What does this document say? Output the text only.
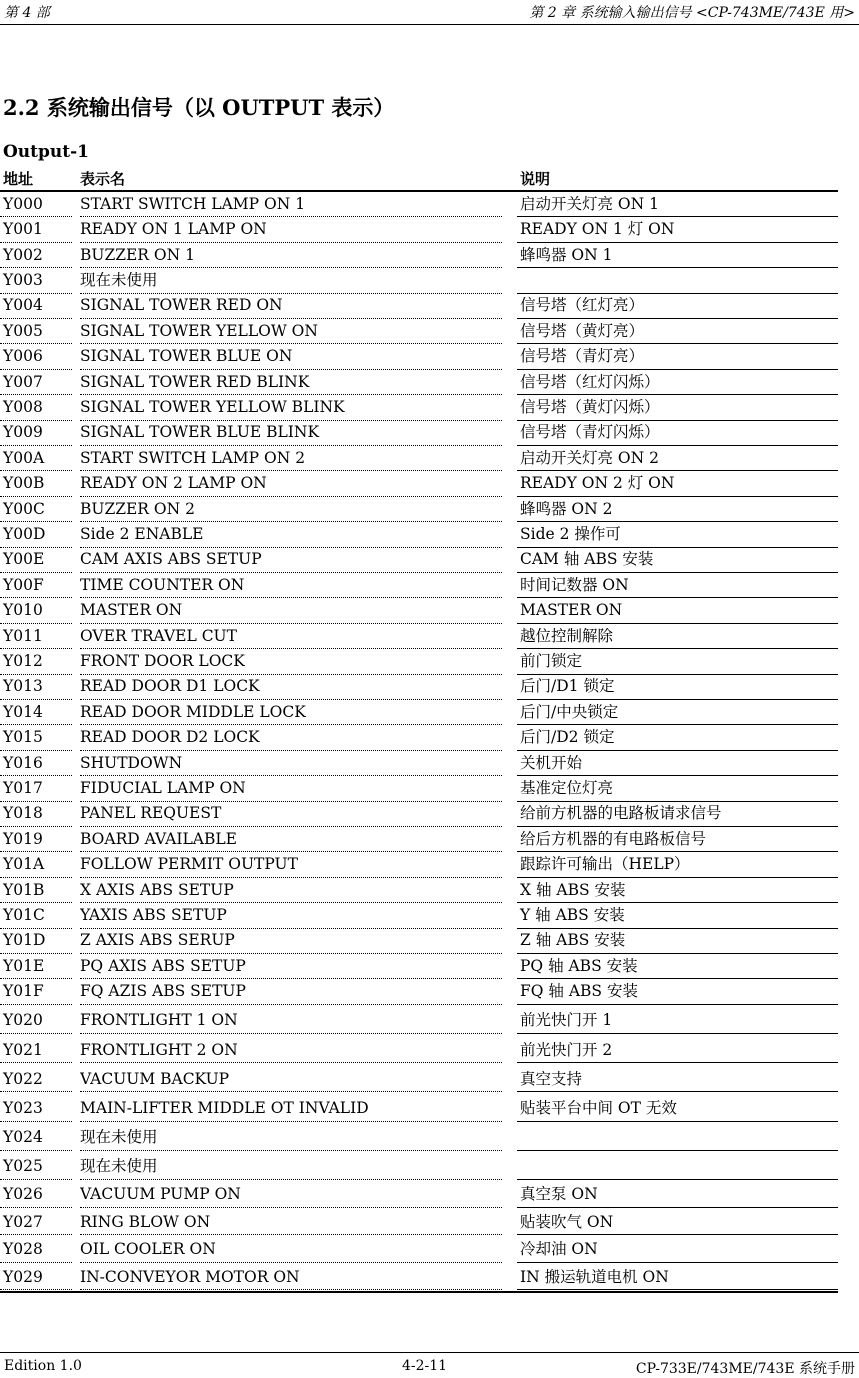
第 4 部	第 2 章 系统输入输出信号 <CP-743ME/743E 用>
2.2 系统输出信号（以 OUTPUT 表示）
Output-1
地址	表示名	说明
Y000 START SWITCH LAMP ON 1	启动开关灯亮 ON 1
Y001 READY ON 1 LAMP ON	READY ON 1 灯 ON
Y002 BUZZER ON 1	蜂鸣器 ON 1
Y003 现在未使用
Y004 SIGNAL TOWER RED ON	信号塔（红灯亮）
Y005 SIGNAL TOWER YELLOW ON	信号塔（黄灯亮）
Y006 SIGNAL TOWER BLUE ON	信号塔（青灯亮）
Y007 SIGNAL TOWER RED BLINK	信号塔（红灯闪烁）
Y008 SIGNAL TOWER YELLOW BLINK	信号塔（黄灯闪烁）
Y009 SIGNAL TOWER BLUE BLINK	信号塔（青灯闪烁）
Y00A START SWITCH LAMP ON 2	启动开关灯亮 ON 2
Y00B READY ON 2 LAMP ON	READY ON 2 灯 ON
Y00C BUZZER ON 2	蜂鸣器 ON 2
Y00D Side 2 ENABLE	Side 2 操作可
Y00E CAM AXIS ABS SETUP	CAM 轴 ABS 安装
Y00F TIME COUNTER ON	时间记数器 ON
Y010 MASTER ON	MASTER ON
Y011 OVER TRAVEL CUT	越位控制解除
Y012 FRONT DOOR LOCK	前门锁定
Y013 READ DOOR D1 LOCK	后门/D1 锁定
Y014 READ DOOR MIDDLE LOCK	后门/中央锁定
Y015 READ DOOR D2 LOCK	后门/D2 锁定
Y016 SHUTDOWN	关机开始
Y017 FIDUCIAL LAMP ON	基准定位灯亮
Y018 PANEL REQUEST	给前方机器的电路板请求信号
Y019 BOARD AVAILABLE	给后方机器的有电路板信号
Y01A FOLLOW PERMIT OUTPUT	跟踪许可输出（HELP）
Y01B X AXIS ABS SETUP	X 轴 ABS 安装
Y01C YAXIS ABS SETUP	Y 轴 ABS 安装
Y01D Z AXIS ABS SERUP	Z 轴 ABS 安装
Y01E PQ AXIS ABS SETUP	PQ 轴 ABS 安装
Y01F FQ AZIS ABS SETUP	FQ 轴 ABS 安装
Y020 FRONTLIGHT 1 ON	前光快门开 1
Y021 FRONTLIGHT 2 ON	前光快门开 2
Y022 VACUUM BACKUP	真空支持
Y023 MAIN-LIFTER MIDDLE OT INVALID	贴装平台中间 OT 无效
Y024 现在未使用
Y025 现在未使用
Y026 VACUUM PUMP ON	真空泵 ON
Y027 RING BLOW ON	贴装吹气 ON
Y028 OIL COOLER ON	冷却油 ON
Y029 IN-CONVEYOR MOTOR ON	IN 搬运轨道电机 ON
Edition 1.0	4-2-11	CP-733E/743ME/743E 系统手册
